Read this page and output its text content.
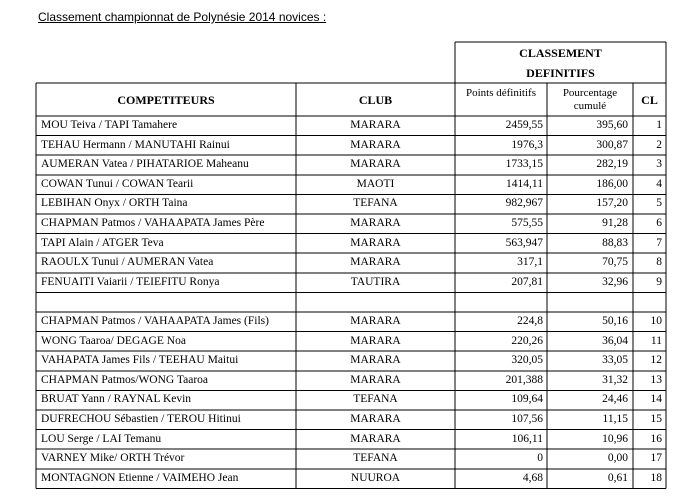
Classement championnat de Polynésie 2014 novices :
CLASSEMENT
DEFINITIFS
COMPETITEURS	CLUB	Points définitifs	Pourcentage cumulé	CL
MOU Teiva / TAPI Tamahere	MARARA	2459,55	395,60	1
TEHAU Hermann / MANUTAHI Rainui	MARARA	1976,3	300,87	2
AUMERAN Vatea / PIHATARIOE Maheanu	MARARA	1733,15	282,19	3
COWAN Tunui / COWAN Tearii	MAOTI	1414,11	186,00	4
LEBIHAN Onyx / ORTH Taina	TEFANA	982,967	157,20	5
CHAPMAN Patmos / VAHAAPATA James Père	MARARA	575,55	91,28	6
TAPI Alain / ATGER Teva	MARARA	563,947	88,83	7
RAOULX Tunui / AUMERAN Vatea	MARARA	317,1	70,75	8
FENUAITI Vaiarii / TEIEFITU Ronya	TAUTIRA	207,81	32,96	9
CHAPMAN Patmos / VAHAAPATA James (Fils)	MARARA	224,8	50,16	10
WONG Taaroa/ DEGAGE Noa	MARARA	220,26	36,04	11
VAHAPATA James Fils / TEEHAU Maitui	MARARA	320,05	33,05	12
CHAPMAN Patmos/WONG Taaroa	MARARA	201,388	31,32	13
BRUAT Yann / RAYNAL Kevin	TEFANA	109,64	24,46	14
DUFRECHOU Sébastien / TEROU Hitinui	MARARA	107,56	11,15	15
LOU Serge / LAI Temanu	MARARA	106,11	10,96	16
VARNEY Mike/ ORTH Trévor	TEFANA	0	0,00	17
MONTAGNON Etienne / VAIMEHO Jean	NUUROA	4,68	0,61	18
